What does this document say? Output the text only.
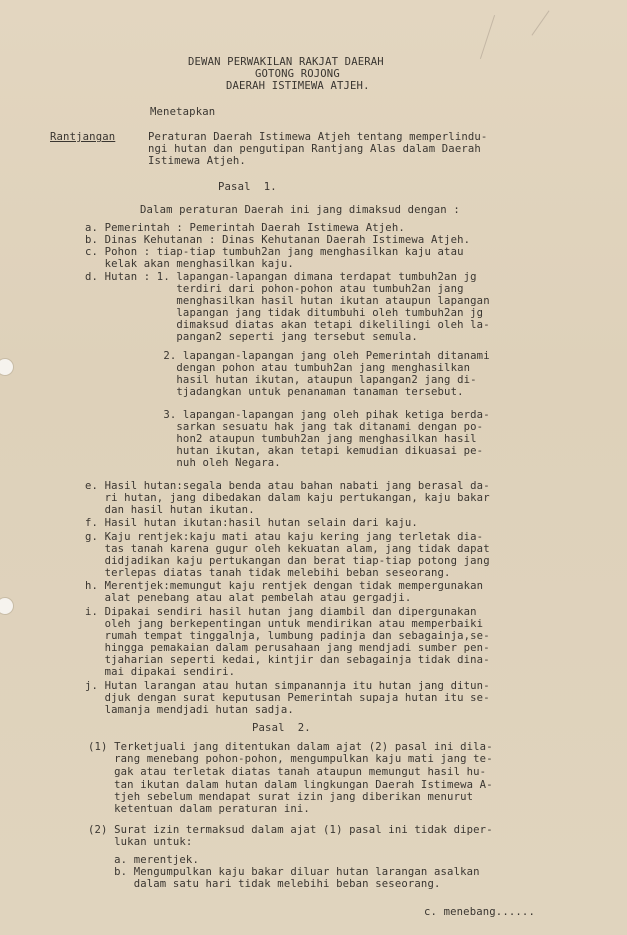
DEWAN PERWAKILAN RAKJAT DAERAH
GOTONG ROJONG
DAERAH ISTIMEWA ATJEH.
Menetapkan
Rantjangan	Peraturan Daerah Istimewa Atjeh tentang memperlindu-
ngi hutan dan pengutipan Rantjang Alas dalam Daerah
Istimewa Atjeh.
Pasal  1.
Dalam peraturan Daerah ini jang dimaksud dengan :
a. Pemerintah : Pemerintah Daerah Istimewa Atjeh.
b. Dinas Kehutanan : Dinas Kehutanan Daerah Istimewa Atjeh.
c. Pohon : tiap-tiap tumbuh2an jang menghasilkan kaju atau
kelak akan menghasilkan kaju.
d. Hutan : 1. lapangan-lapangan dimana terdapat tumbuh2an jg
terdiri dari pohon-pohon atau tumbuh2an jang
menghasilkan hasil hutan ikutan ataupun lapangan
lapangan jang tidak ditumbuhi oleh tumbuh2an jg
dimaksud diatas akan tetapi dikelilingi oleh la-
pangan2 seperti jang tersebut semula.
2. lapangan-lapangan jang oleh Pemerintah ditanami
dengan pohon atau tumbuh2an jang menghasilkan
hasil hutan ikutan, ataupun lapangan2 jang di-
tjadangkan untuk penanaman tanaman tersebut.
3. lapangan-lapangan jang oleh pihak ketiga berda-
sarkan sesuatu hak jang tak ditanami dengan po-
hon2 ataupun tumbuh2an jang menghasilkan hasil
hutan ikutan, akan tetapi kemudian dikuasai pe-
nuh oleh Negara.
e. Hasil hutan:segala benda atau bahan nabati jang berasal da-
ri hutan, jang dibedakan dalam kaju pertukangan, kaju bakar
dan hasil hutan ikutan.
f. Hasil hutan ikutan:hasil hutan selain dari kaju.
g. Kaju rentjek:kaju mati atau kaju kering jang terletak dia-
tas tanah karena gugur oleh kekuatan alam, jang tidak dapat
didjadikan kaju pertukangan dan berat tiap-tiap potong jang
terlepas diatas tanah tidak melebihi beban seseorang.
h. Merentjek:memungut kaju rentjek dengan tidak mempergunakan
alat penebang atau alat pembelah atau gergadji.
i. Dipakai sendiri hasil hutan jang diambil dan dipergunakan
oleh jang berkepentingan untuk mendirikan atau memperbaiki
rumah tempat tinggalnja, lumbung padinja dan sebagainja,se-
hingga pemakaian dalam perusahaan jang mendjadi sumber pen-
tjaharian seperti kedai, kintjir dan sebagainja tidak dina-
mai dipakai sendiri.
j. Hutan larangan atau hutan simpanannja itu hutan jang ditun-
djuk dengan surat keputusan Pemerintah supaja hutan itu se-
lamanja mendjadi hutan sadja.
Pasal  2.
(1) Terketjuali jang ditentukan dalam ajat (2) pasal ini dila-
rang menebang pohon-pohon, mengumpulkan kaju mati jang te-
gak atau terletak diatas tanah ataupun memungut hasil hu-
tan ikutan dalam hutan dalam lingkungan Daerah Istimewa A-
tjeh sebelum mendapat surat izin jang diberikan menurut
ketentuan dalam peraturan ini.
(2) Surat izin termaksud dalam ajat (1) pasal ini tidak diper-
lukan untuk:
a. merentjek.
b. Mengumpulkan kaju bakar diluar hutan larangan asalkan
dalam satu hari tidak melebihi beban seseorang.
c. menebang......
